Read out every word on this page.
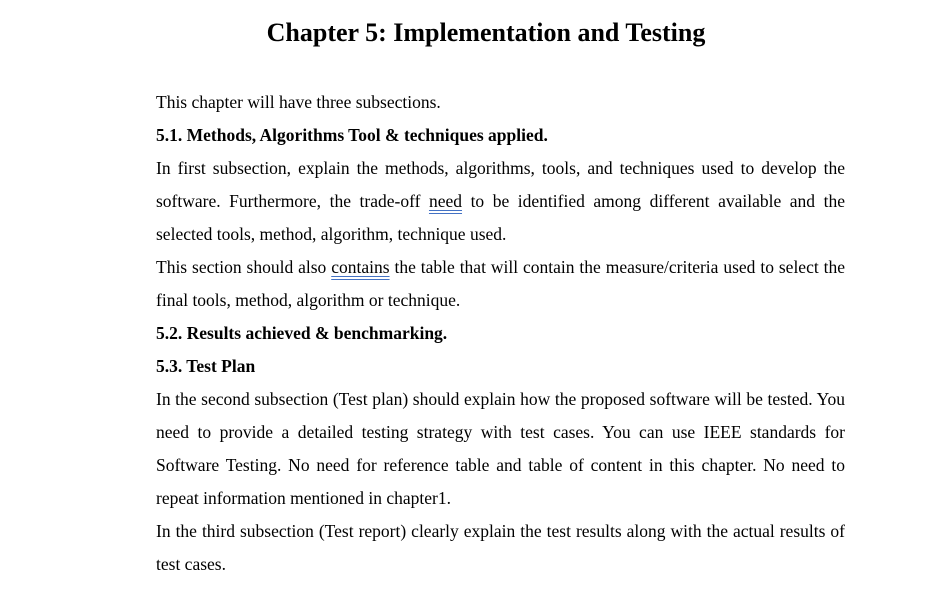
Chapter 5: Implementation and Testing

This chapter will have three subsections.

5.1. Methods, Algorithms Tool & techniques applied.

In first subsection, explain the methods, algorithms, tools, and techniques used to develop the software. Furthermore, the trade-off need to be identified among different available and the selected tools, method, algorithm, technique used.

This section should also contains the table that will contain the measure/criteria used to select the final tools, method, algorithm or technique.

5.2. Results achieved & benchmarking.

5.3. Test Plan

In the second subsection (Test plan) should explain how the proposed software will be tested. You need to provide a detailed testing strategy with test cases. You can use IEEE standards for Software Testing. No need for reference table and table of content in this chapter. No need to repeat information mentioned in chapter1.

In the third subsection (Test report) clearly explain the test results along with the actual results of test cases.
